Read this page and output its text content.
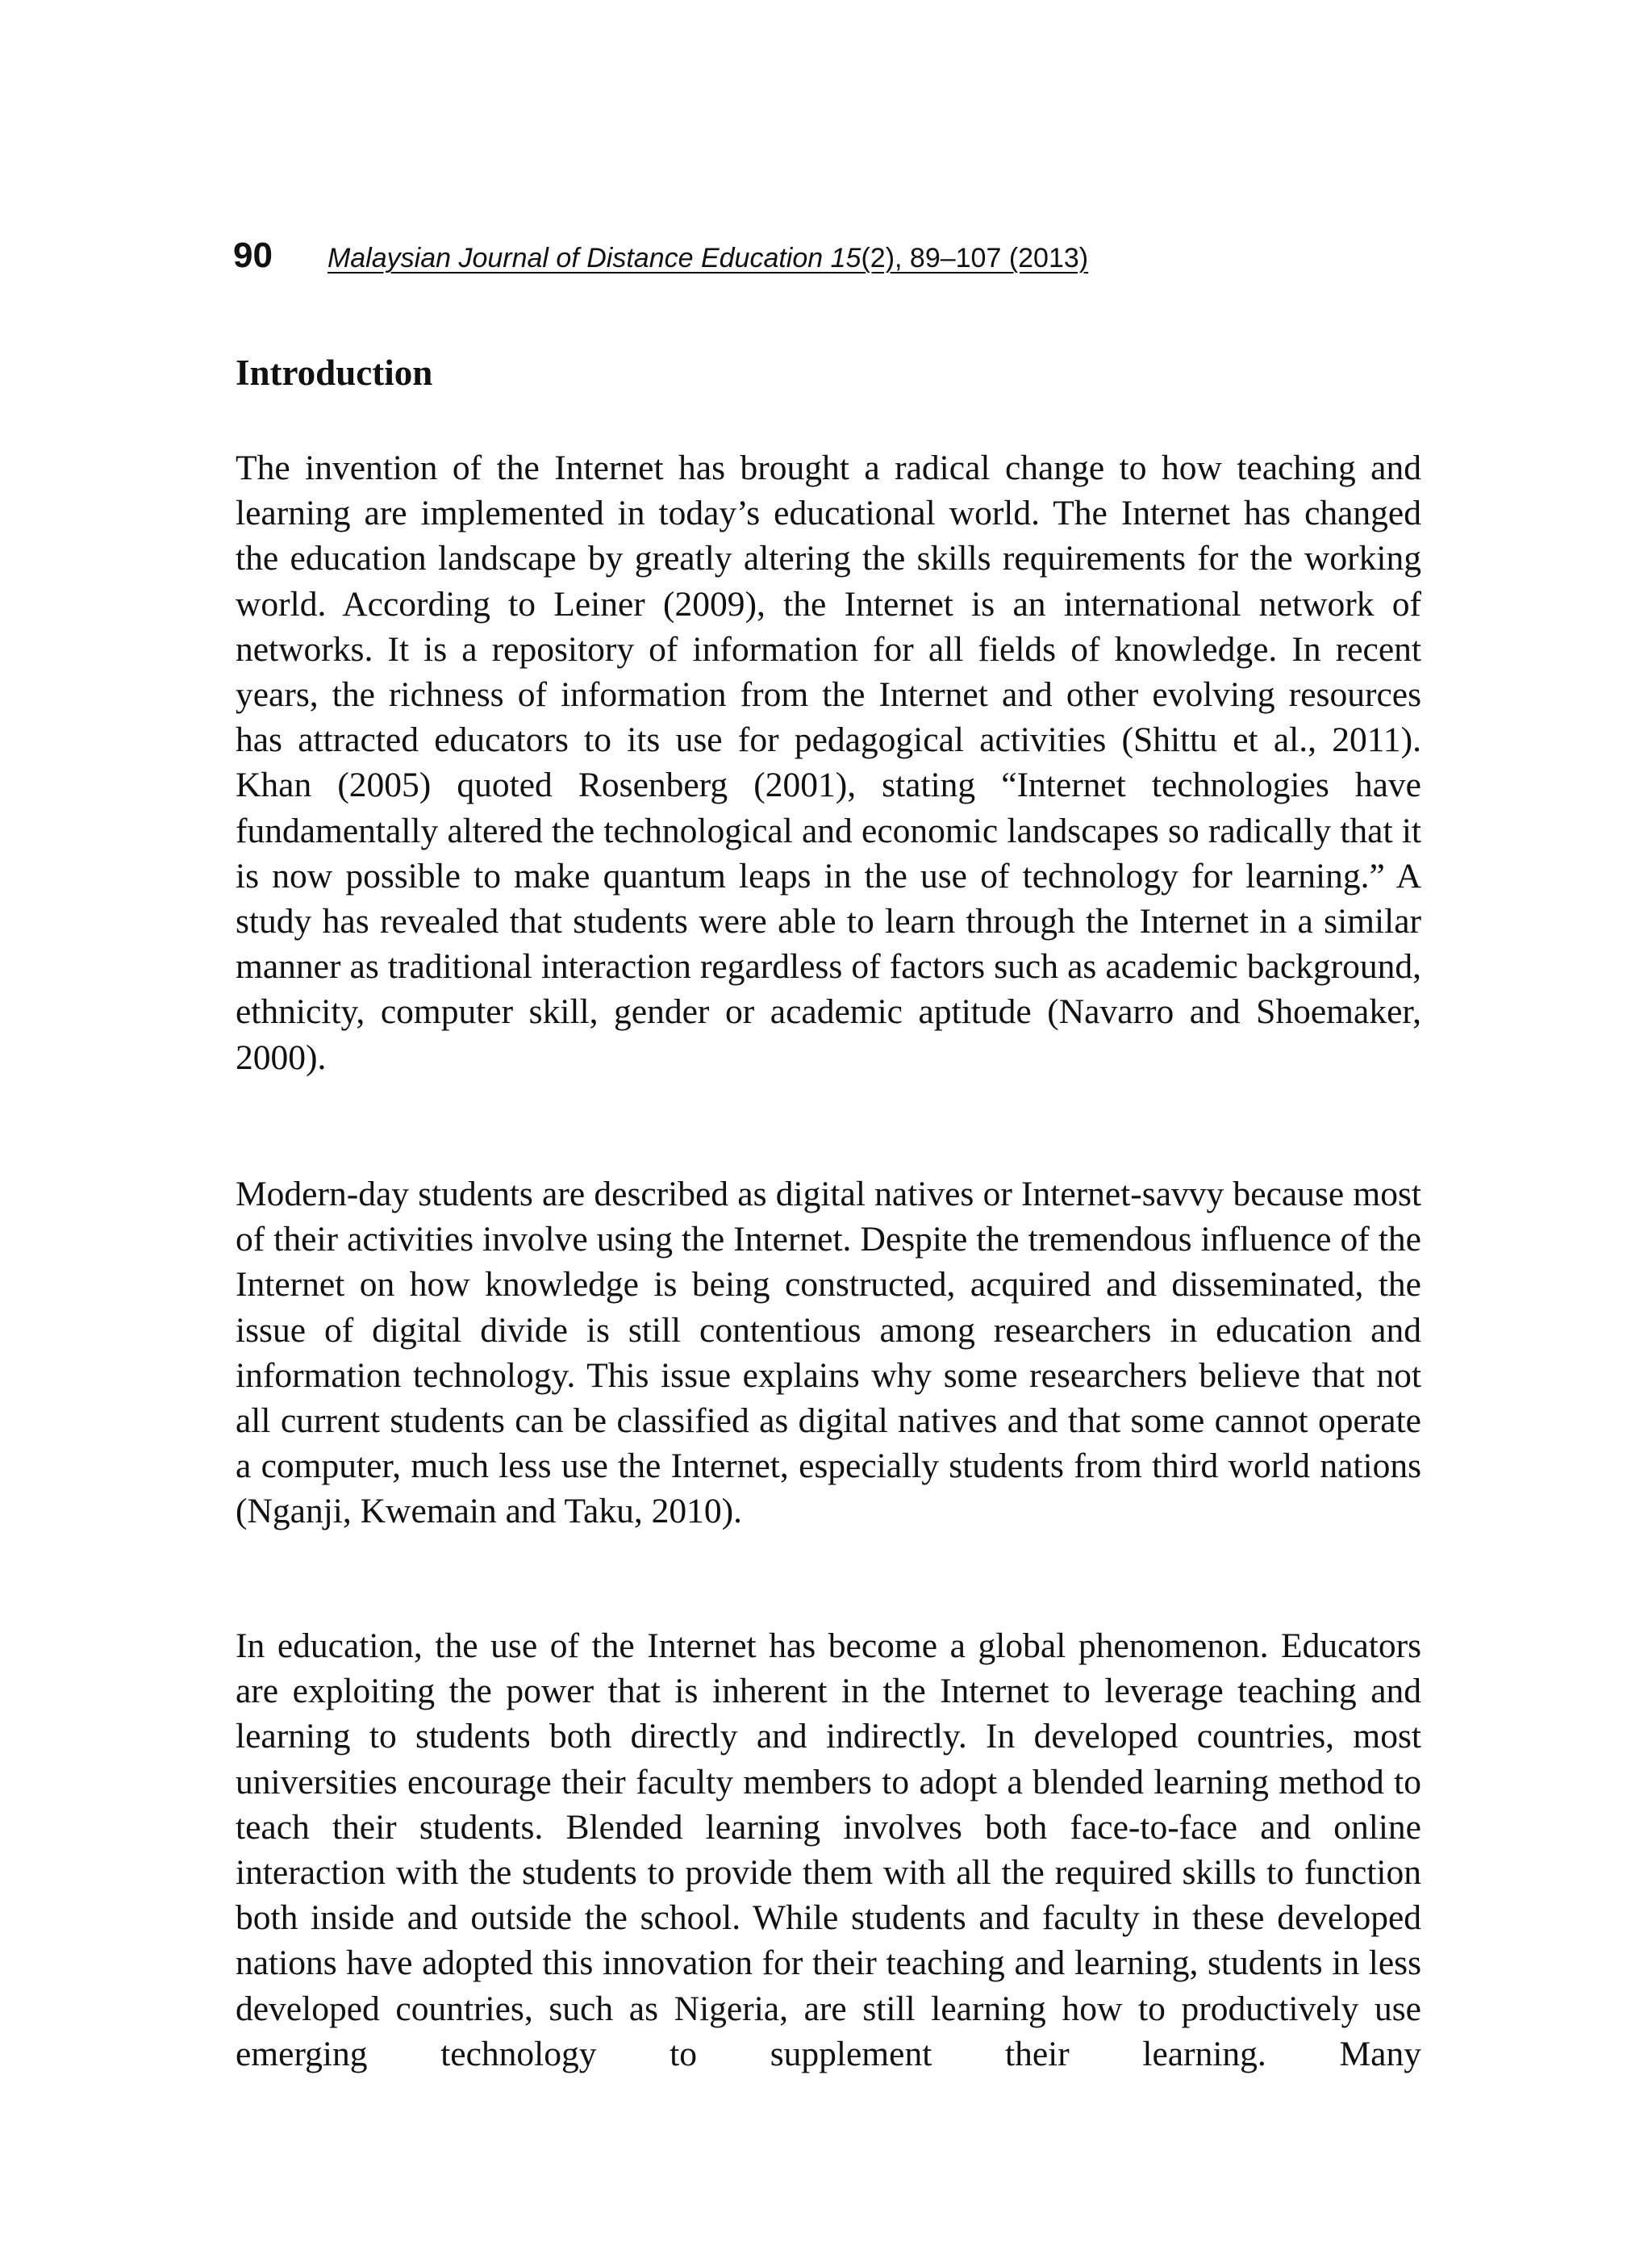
90 Malaysian Journal of Distance Education 15(2), 89–107 (2013)
Introduction

The invention of the Internet has brought a radical change to how teaching and learning are implemented in today’s educational world. The Internet has changed the education landscape by greatly altering the skills requirements for the working world. According to Leiner (2009), the Internet is an international network of networks. It is a repository of information for all fields of knowledge. In recent years, the richness of information from the Internet and other evolving resources has attracted educators to its use for pedagogical activities (Shittu et al., 2011). Khan (2005) quoted Rosenberg (2001), stating “Internet technologies have fundamentally altered the technological and economic landscapes so radically that it is now possible to make quantum leaps in the use of technology for learning.” A study has revealed that students were able to learn through the Internet in a similar manner as traditional interaction regardless of factors such as academic background, ethnicity, computer skill, gender or academic aptitude (Navarro and Shoemaker, 2000).

Modern-day students are described as digital natives or Internet-savvy because most of their activities involve using the Internet. Despite the tremendous influence of the Internet on how knowledge is being constructed, acquired and disseminated, the issue of digital divide is still contentious among researchers in education and information technology. This issue explains why some researchers believe that not all current students can be classified as digital natives and that some cannot operate a computer, much less use the Internet, especially students from third world nations (Nganji, Kwemain and Taku, 2010).

In education, the use of the Internet has become a global phenomenon. Educators are exploiting the power that is inherent in the Internet to leverage teaching and learning to students both directly and indirectly. In developed countries, most universities encourage their faculty members to adopt a blended learning method to teach their students. Blended learning involves both face-to-face and online interaction with the students to provide them with all the required skills to function both inside and outside the school. While students and faculty in these developed nations have adopted this innovation for their teaching and learning, students in less developed countries, such as Nigeria, are still learning how to productively use emerging technology to supplement their learning. Many
